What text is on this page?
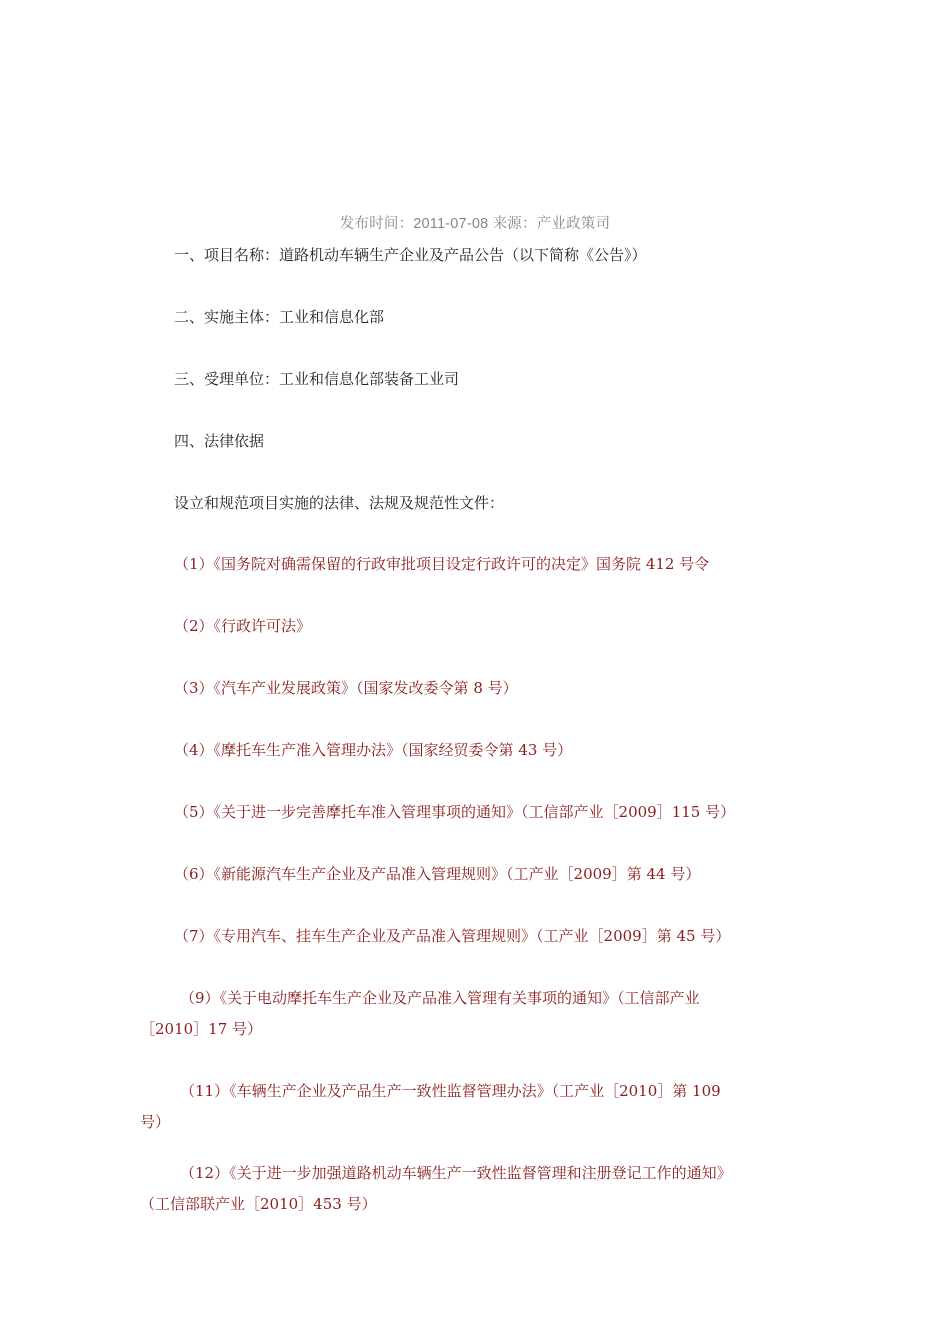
发布时间：2011-07-08 来源：产业政策司
一、项目名称：道路机动车辆生产企业及产品公告（以下简称《公告》）
二、实施主体：工业和信息化部
三、受理单位：工业和信息化部装备工业司
四、法律依据
设立和规范项目实施的法律、法规及规范性文件：
（1）《国务院对确需保留的行政审批项目设定行政许可的决定》国务院 412 号令
（2）《行政许可法》
（3）《汽车产业发展政策》（国家发改委令第 8 号）
（4）《摩托车生产准入管理办法》（国家经贸委令第 43 号）
（5）《关于进一步完善摩托车准入管理事项的通知》（工信部产业［2009］115 号）
（6）《新能源汽车生产企业及产品准入管理规则》（工产业［2009］第 44 号）
（7）《专用汽车、挂车生产企业及产品准入管理规则》（工产业［2009］第 45 号）
（9）《关于电动摩托车生产企业及产品准入管理有关事项的通知》（工信部产业
［2010］17 号）
（11）《车辆生产企业及产品生产一致性监督管理办法》（工产业［2010］第 109
号）
（12）《关于进一步加强道路机动车辆生产一致性监督管理和注册登记工作的通知》
（工信部联产业［2010］453 号）
